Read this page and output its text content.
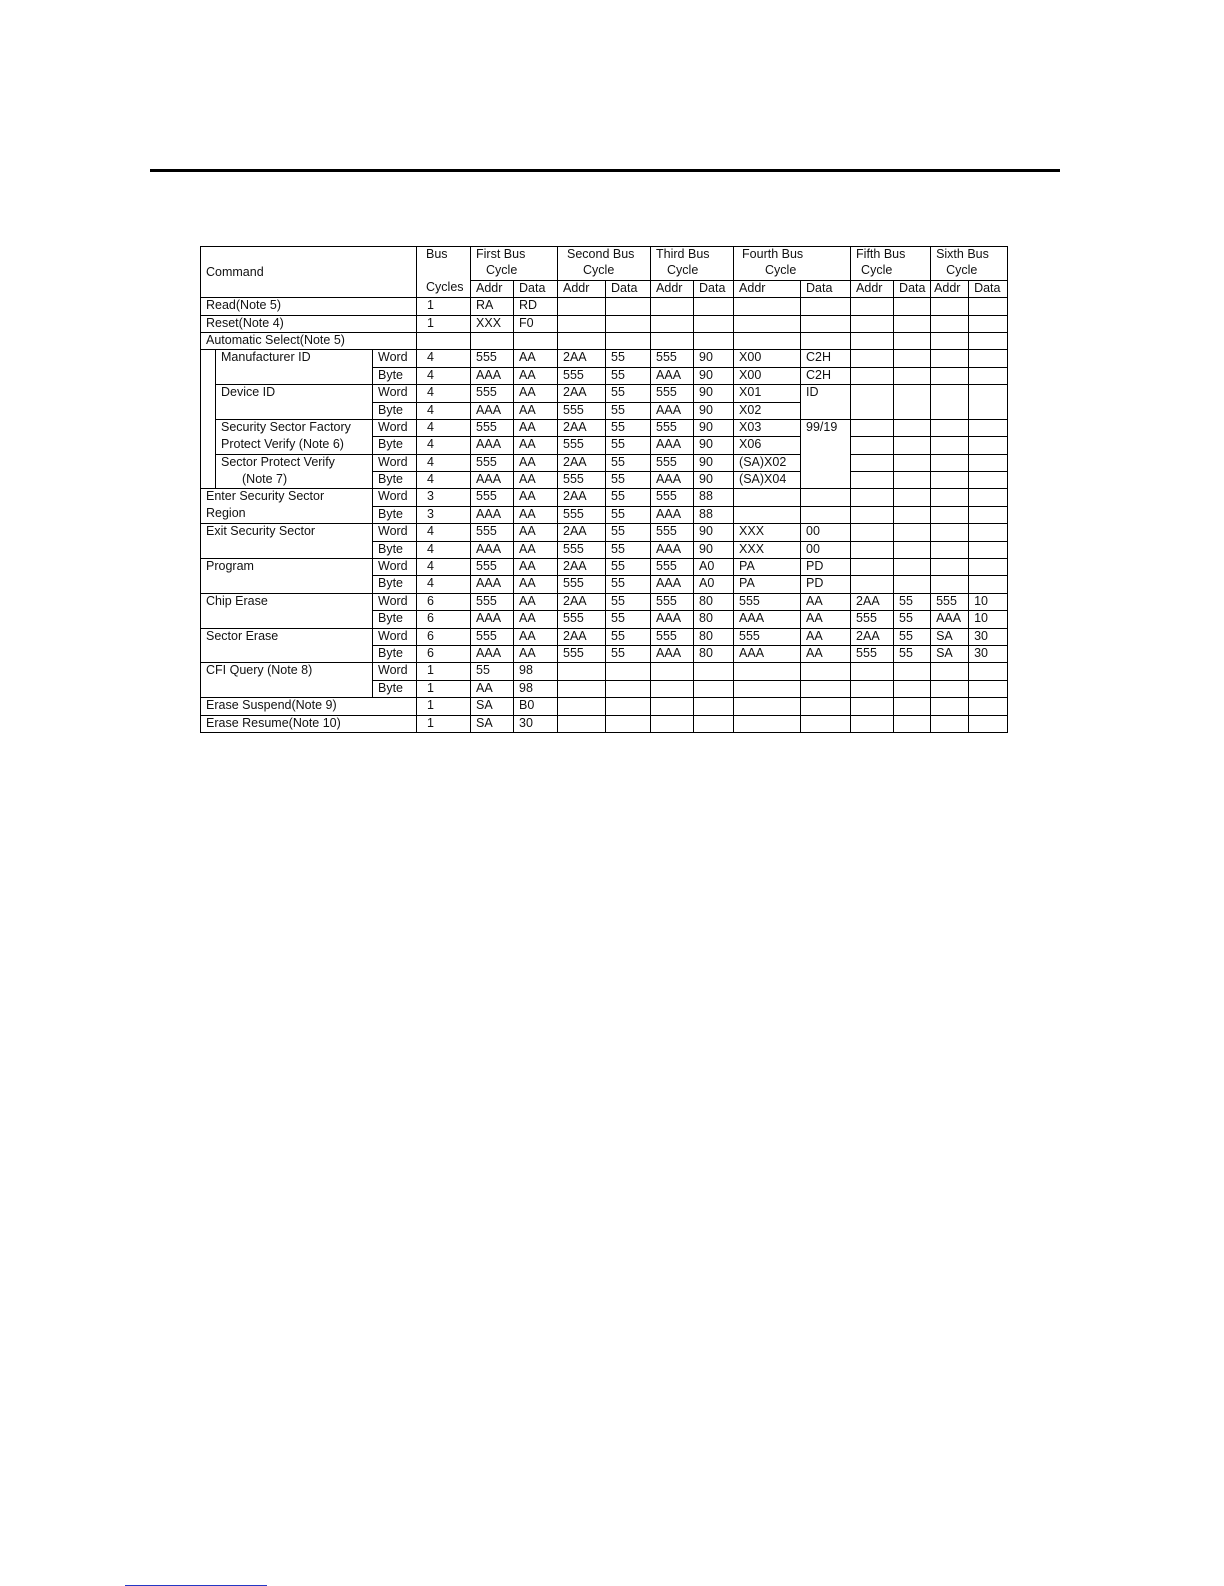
Command			Bus	First Bus		Second Bus		Third Bus		Fourth Bus		Fifth Bus		Sixth Bus	
				Cycle		Cycle		Cycle		Cycle		Cycle		Cycle	
			Cycles	Addr	Data	Addr	Data	Addr	Data	Addr	Data	Addr	Data	Addr	Data
Read(Note 5)			1	RA	RD										
Reset(Note 4)			1	XXX	F0										
Automatic Select(Note 5)															
	Manufacturer ID	Word	4	555	AA	2AA	55	555	90	X00	C2H				
		Byte	4	AAA	AA	555	55	AAA	90	X00	C2H				
	Device ID	Word	4	555	AA	2AA	55	555	90	X01	ID				
		Byte	4	AAA	AA	555	55	AAA	90	X02					
	Security Sector Factory	Word	4	555	AA	2AA	55	555	90	X03	99/19				
	Protect Verify (Note 6)	Byte	4	AAA	AA	555	55	AAA	90	X06					
	Sector Protect Verify	Word	4	555	AA	2AA	55	555	90	(SA)X02					
	(Note 7)	Byte	4	AAA	AA	555	55	AAA	90	(SA)X04					
Enter Security Sector		Word	3	555	AA	2AA	55	555	88						
Region		Byte	3	AAA	AA	555	55	AAA	88						
Exit Security Sector		Word	4	555	AA	2AA	55	555	90	XXX	00				
		Byte	4	AAA	AA	555	55	AAA	90	XXX	00				
Program		Word	4	555	AA	2AA	55	555	A0	PA	PD				
		Byte	4	AAA	AA	555	55	AAA	A0	PA	PD				
Chip Erase		Word	6	555	AA	2AA	55	555	80	555	AA	2AA	55	555	10
		Byte	6	AAA	AA	555	55	AAA	80	AAA	AA	555	55	AAA	10
Sector Erase		Word	6	555	AA	2AA	55	555	80	555	AA	2AA	55	SA	30
		Byte	6	AAA	AA	555	55	AAA	80	AAA	AA	555	55	SA	30
CFI Query (Note 8)		Word	1	55	98										
		Byte	1	AA	98										
Erase Suspend(Note 9)			1	SA	B0										
Erase Resume(Note 10)			1	SA	30										
